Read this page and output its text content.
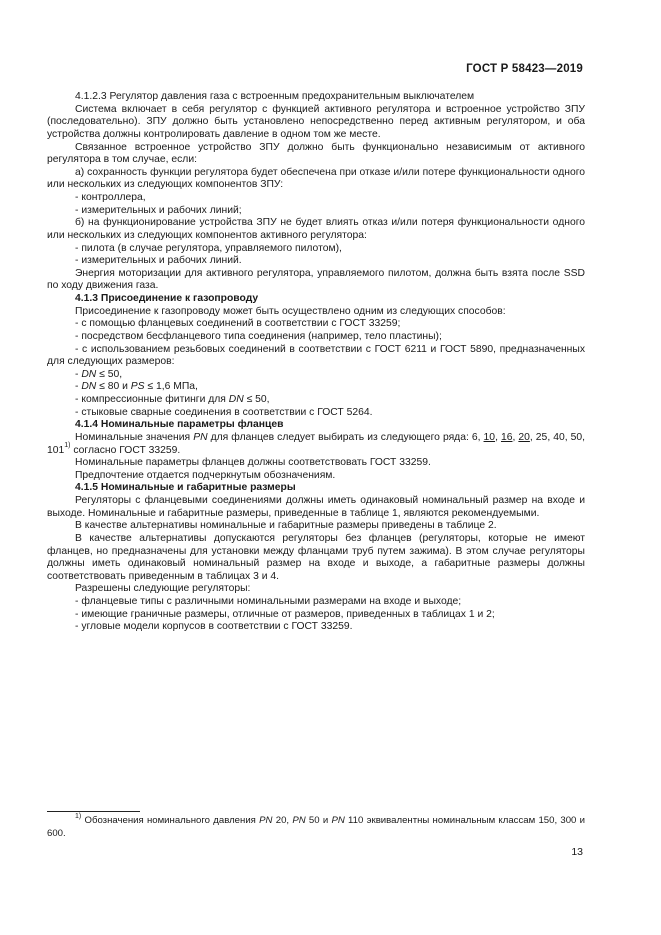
ГОСТ Р 58423—2019

4.1.2.3 Регулятор давления газа с встроенным предохранительным выключателем

Система включает в себя регулятор с функцией активного регулятора и встроенное устройство ЗПУ (последовательно). ЗПУ должно быть установлено непосредственно перед активным регулятором, и оба устройства должны контролировать давление в одном том же месте.

Связанное встроенное устройство ЗПУ должно быть функционально независимым от активного регулятора в том случае, если:

а) сохранность функции регулятора будет обеспечена при отказе и/или потере функциональности одного или нескольких из следующих компонентов ЗПУ:

- контроллера,

- измерительных и рабочих линий;

б) на функционирование устройства ЗПУ не будет влиять отказ и/или потеря функциональности одного или нескольких из следующих компонентов активного регулятора:

- пилота (в случае регулятора, управляемого пилотом),

- измерительных и рабочих линий.

Энергия моторизации для активного регулятора, управляемого пилотом, должна быть взята после SSD по ходу движения газа.

4.1.3 Присоединение к газопроводу

Присоединение к газопроводу может быть осуществлено одним из следующих способов:

- с помощью фланцевых соединений в соответствии с ГОСТ 33259;

- посредством бесфланцевого типа соединения (например, тело пластины);

- с использованием резьбовых соединений в соответствии с ГОСТ 6211 и ГОСТ 5890, предназначенных для следующих размеров:

- DN ≤ 50,

- DN ≤ 80 и PS ≤ 1,6 МПа,

- компрессионные фитинги для DN ≤ 50,

- стыковые сварные соединения в соответствии с ГОСТ 5264.

4.1.4 Номинальные параметры фланцев

Номинальные значения PN для фланцев следует выбирать из следующего ряда: 6, 10, 16, 20, 25, 40, 50, 101$^{1)}$ согласно ГОСТ 33259.

Номинальные параметры фланцев должны соответствовать ГОСТ 33259.

Предпочтение отдается подчеркнутым обозначениям.

4.1.5 Номинальные и габаритные размеры

Регуляторы с фланцевыми соединениями должны иметь одинаковый номинальный размер на входе и выходе. Номинальные и габаритные размеры, приведенные в таблице 1, являются рекомендуемыми.

В качестве альтернативы номинальные и габаритные размеры приведены в таблице 2.

В качестве альтернативы допускаются регуляторы без фланцев (регуляторы, которые не имеют фланцев, но предназначены для установки между фланцами труб путем зажима). В этом случае регуляторы должны иметь одинаковый номинальный размер на входе и выходе, а габаритные размеры должны соответствовать приведенным в таблицах 3 и 4.

Разрешены следующие регуляторы:

- фланцевые типы с различными номинальными размерами на входе и выходе;

- имеющие граничные размеры, отличные от размеров, приведенных в таблицах 1 и 2;

- угловые модели корпусов в соответствии с ГОСТ 33259.

$^{1)}$ Обозначения номинального давления PN 20, PN 50 и PN 110 эквивалентны номинальным классам 150, 300 и 600.

13
